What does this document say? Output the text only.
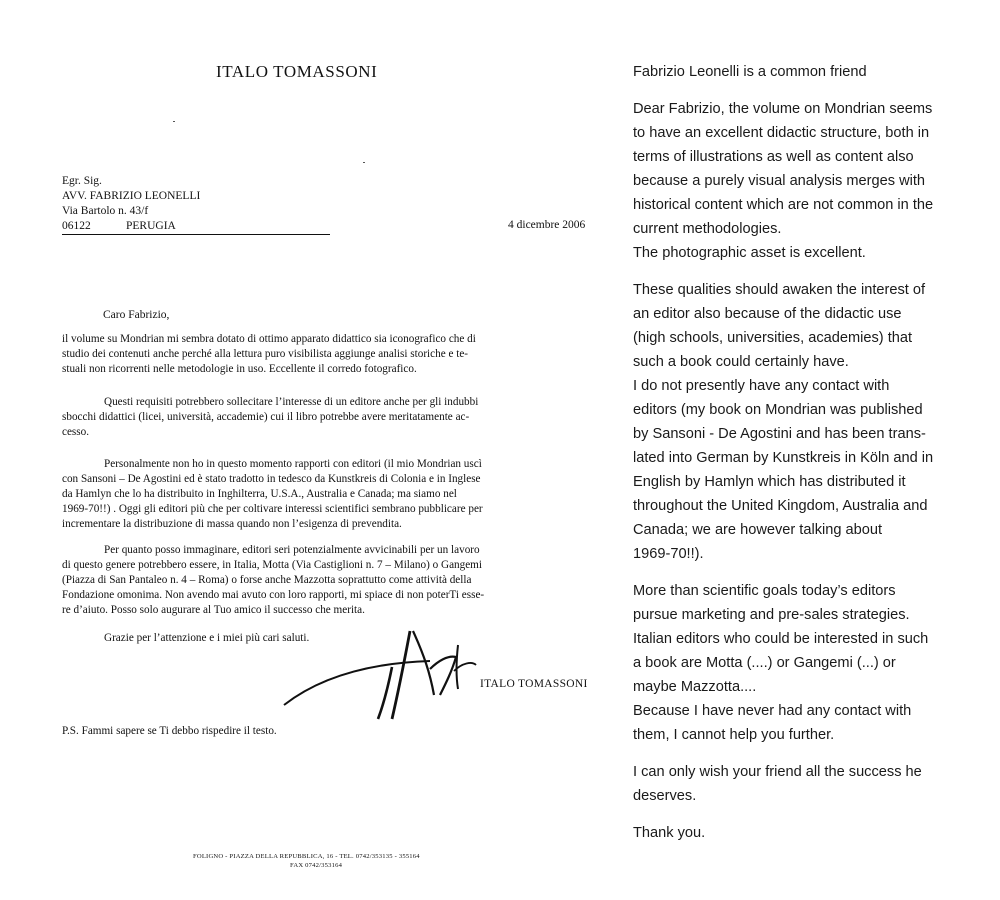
ITALO TOMASSONI
Egr. Sig.
AVV. FABRIZIO LEONELLI
Via Bartolo n. 43/f
06122	PERUGIA	4 dicembre 2006
Caro Fabrizio,
il volume su Mondrian mi sembra dotato di ottimo apparato didattico sia iconografico che di
studio dei contenuti anche perché alla lettura puro visibilista aggiunge analisi storiche e te-
stuali non ricorrenti nelle metodologie in uso. Eccellente il corredo fotografico.
Questi requisiti potrebbero sollecitare l’interesse di un editore anche per gli indubbi
sbocchi didattici (licei, università, accademie) cui il libro potrebbe avere meritatamente ac-
cesso.
Personalmente non ho in questo momento rapporti con editori (il mio Mondrian uscì
con Sansoni – De Agostini ed è stato tradotto in tedesco da Kunstkreis di Colonia e in Inglese
da Hamlyn che lo ha distribuito in Inghilterra, U.S.A., Australia e Canada; ma siamo nel
1969-70!!) . Oggi gli editori più che per coltivare interessi scientifici sembrano pubblicare per
incrementare la distribuzione di massa quando non l’esigenza di prevendita.
Per quanto posso immaginare, editori seri potenzialmente avvicinabili per un lavoro
di questo genere potrebbero essere, in Italia, Motta (Via Castiglioni n. 7 – Milano) o Gangemi
(Piazza di San Pantaleo n. 4 – Roma) o forse anche Mazzotta soprattutto come attività della
Fondazione omonima. Non avendo mai avuto con loro rapporti, mi spiace di non poterTi esse-
re d’aiuto. Posso solo augurare al Tuo amico il successo che merita.
Grazie per l’attenzione e i miei più cari saluti.
ITALO TOMASSONI
P.S. Fammi sapere se Ti debbo rispedire il testo.
FOLIGNO - PIAZZA DELLA REPUBBLICA, 16 - TEL. 0742/353135 - 355164
FAX 0742/353164
Fabrizio Leonelli is a common friend
Dear Fabrizio, the volume on Mondrian seems
to have an excellent didactic structure, both in
terms of illustrations as well as content also
because a purely visual analysis merges with
historical content which are not common in the
current methodologies.
The photographic asset is excellent.
These qualities should awaken the interest of
an editor also because of the didactic use
(high schools, universities, academies) that
such a book could certainly have.
I do not presently have any contact with
editors (my book on Mondrian was published
by Sansoni - De Agostini and has been trans-
lated into German by Kunstkreis in Köln and in
English by Hamlyn which has distributed it
throughout the United Kingdom, Australia and
Canada; we are however talking about
1969-70!!).
More than scientific goals today’s editors
pursue marketing and pre-sales strategies.
Italian editors who could be interested in such
a book are Motta (....) or Gangemi (...) or
maybe Mazzotta....
Because I have never had any contact with
them, I cannot help you further.
I can only wish your friend all the success he
deserves.
Thank you.
